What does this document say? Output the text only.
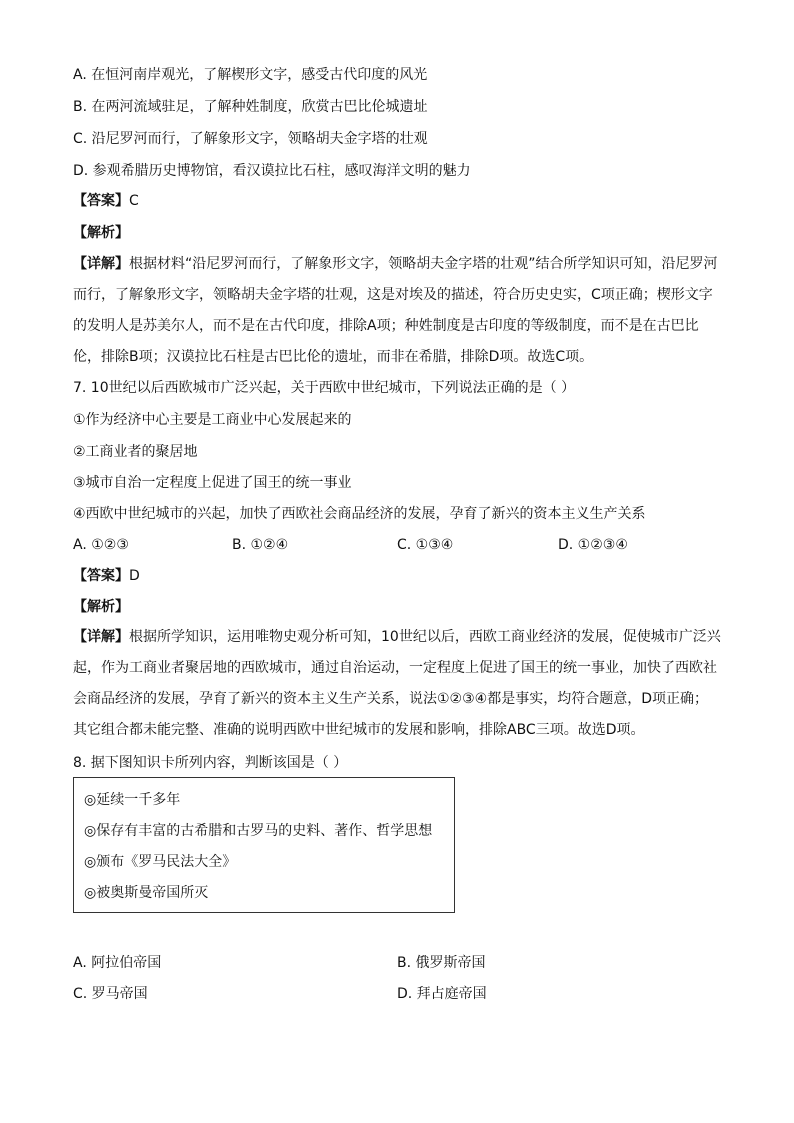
A. 在恒河南岸观光，了解楔形文字，感受古代印度的风光
B. 在两河流域驻足，了解种姓制度，欣赏古巴比伦城遗址
C. 沿尼罗河而行，了解象形文字，领略胡夫金字塔的壮观
D. 参观希腊历史博物馆，看汉谟拉比石柱，感叹海洋文明的魅力
【答案】C
【解析】
【详解】根据材料“沿尼罗河而行，了解象形文字，领略胡夫金字塔的壮观”结合所学知识可知，沿尼罗河
而行，了解象形文字，领略胡夫金字塔的壮观，这是对埃及的描述，符合历史史实，C项正确；楔形文字
的发明人是苏美尔人，而不是在古代印度，排除A项；种姓制度是古印度的等级制度，而不是在古巴比
伦，排除B项；汉谟拉比石柱是古巴比伦的遗址，而非在希腊，排除D项。故选C项。
7. 10世纪以后西欧城市广泛兴起，关于西欧中世纪城市，下列说法正确的是（ ）
①作为经济中心主要是工商业中心发展起来的
②工商业者的聚居地
③城市自治一定程度上促进了国王的统一事业
④西欧中世纪城市的兴起，加快了西欧社会商品经济的发展，孕育了新兴的资本主义生产关系
A. ①②③	B. ①②④	C. ①③④	D. ①②③④
【答案】D
【解析】
【详解】根据所学知识，运用唯物史观分析可知，10世纪以后，西欧工商业经济的发展，促使城市广泛兴
起，作为工商业者聚居地的西欧城市，通过自治运动，一定程度上促进了国王的统一事业，加快了西欧社
会商品经济的发展，孕育了新兴的资本主义生产关系，说法①②③④都是事实，均符合题意，D项正确；
其它组合都未能完整、准确的说明西欧中世纪城市的发展和影响，排除ABC三项。故选D项。
8. 据下图知识卡所列内容，判断该国是（ ）
◎延续一千多年
◎保存有丰富的古希腊和古罗马的史料、著作、哲学思想
◎颁布《罗马民法大全》
◎被奥斯曼帝国所灭
A. 阿拉伯帝国	B. 俄罗斯帝国
C. 罗马帝国	D. 拜占庭帝国
